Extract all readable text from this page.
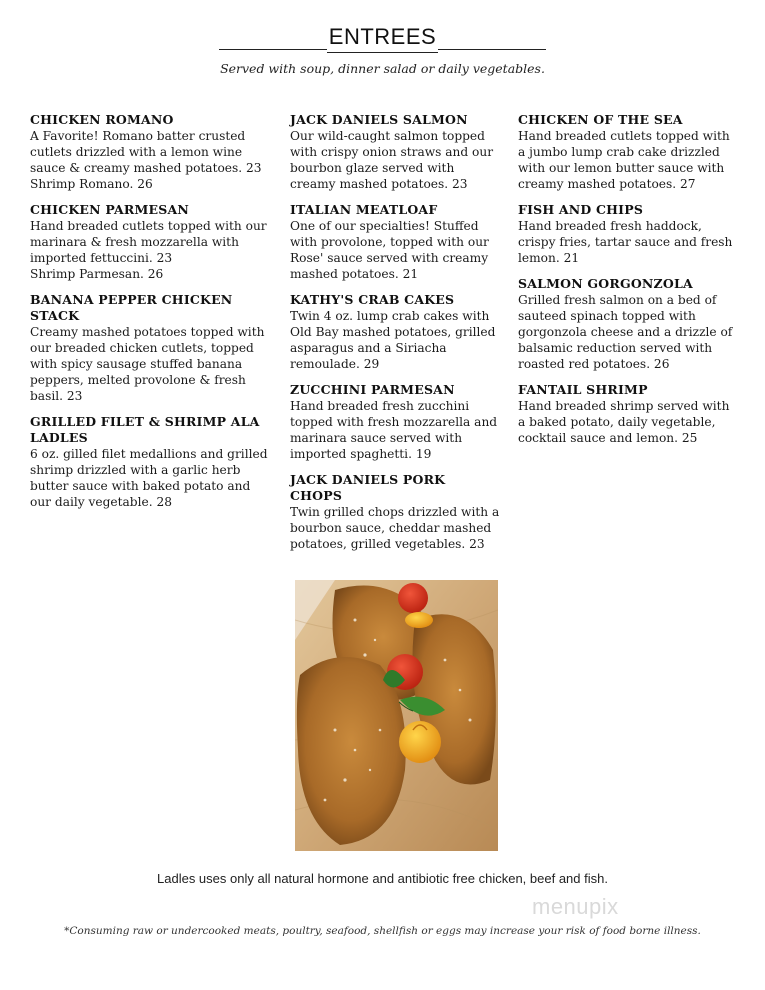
ENTREES
Served with soup, dinner salad or daily vegetables.
CHICKEN ROMANO
A Favorite! Romano batter crusted cutlets drizzled with a lemon wine sauce & creamy mashed potatoes. 23
Shrimp Romano. 26
CHICKEN PARMESAN
Hand breaded cutlets topped with our marinara & fresh mozzarella with imported fettuccini. 23
Shrimp Parmesan. 26
BANANA PEPPER CHICKEN STACK
Creamy mashed potatoes topped with our breaded chicken cutlets, topped with spicy sausage stuffed banana peppers, melted provolone & fresh basil. 23
GRILLED FILET & SHRIMP ALA LADLES
6 oz. gilled filet medallions and grilled shrimp drizzled with a garlic herb butter sauce with baked potato and our daily vegetable. 28
JACK DANIELS SALMON
Our wild-caught salmon topped with crispy onion straws and our bourbon glaze served with creamy mashed potatoes. 23
ITALIAN MEATLOAF
One of our specialties! Stuffed with provolone, topped with our Rose' sauce served with creamy mashed potatoes. 21
KATHY'S CRAB CAKES
Twin 4 oz. lump crab cakes with Old Bay mashed potatoes, grilled asparagus and a Siriacha remoulade. 29
ZUCCHINI PARMESAN
Hand breaded fresh zucchini topped with fresh mozzarella and marinara sauce served with imported spaghetti. 19
JACK DANIELS PORK CHOPS
Twin grilled chops drizzled with a bourbon sauce, cheddar mashed potatoes, grilled vegetables. 23
CHICKEN OF THE SEA
Hand breaded cutlets topped with a jumbo lump crab cake drizzled with our lemon butter sauce with creamy mashed potatoes. 27
FISH AND CHIPS
Hand breaded fresh haddock, crispy fries, tartar sauce and fresh lemon. 21
SALMON GORGONZOLA
Grilled fresh salmon on a bed of sauteed spinach topped with gorgonzola cheese and a drizzle of balsamic reduction served with roasted red potatoes. 26
FANTAIL SHRIMP
Hand breaded shrimp served with a baked potato, daily vegetable, cocktail sauce and lemon. 25
Ladles uses only all natural hormone and antibiotic free chicken, beef and fish.
menupix
*Consuming raw or undercooked meats, poultry, seafood, shellfish or eggs may increase your risk of food borne illness.
